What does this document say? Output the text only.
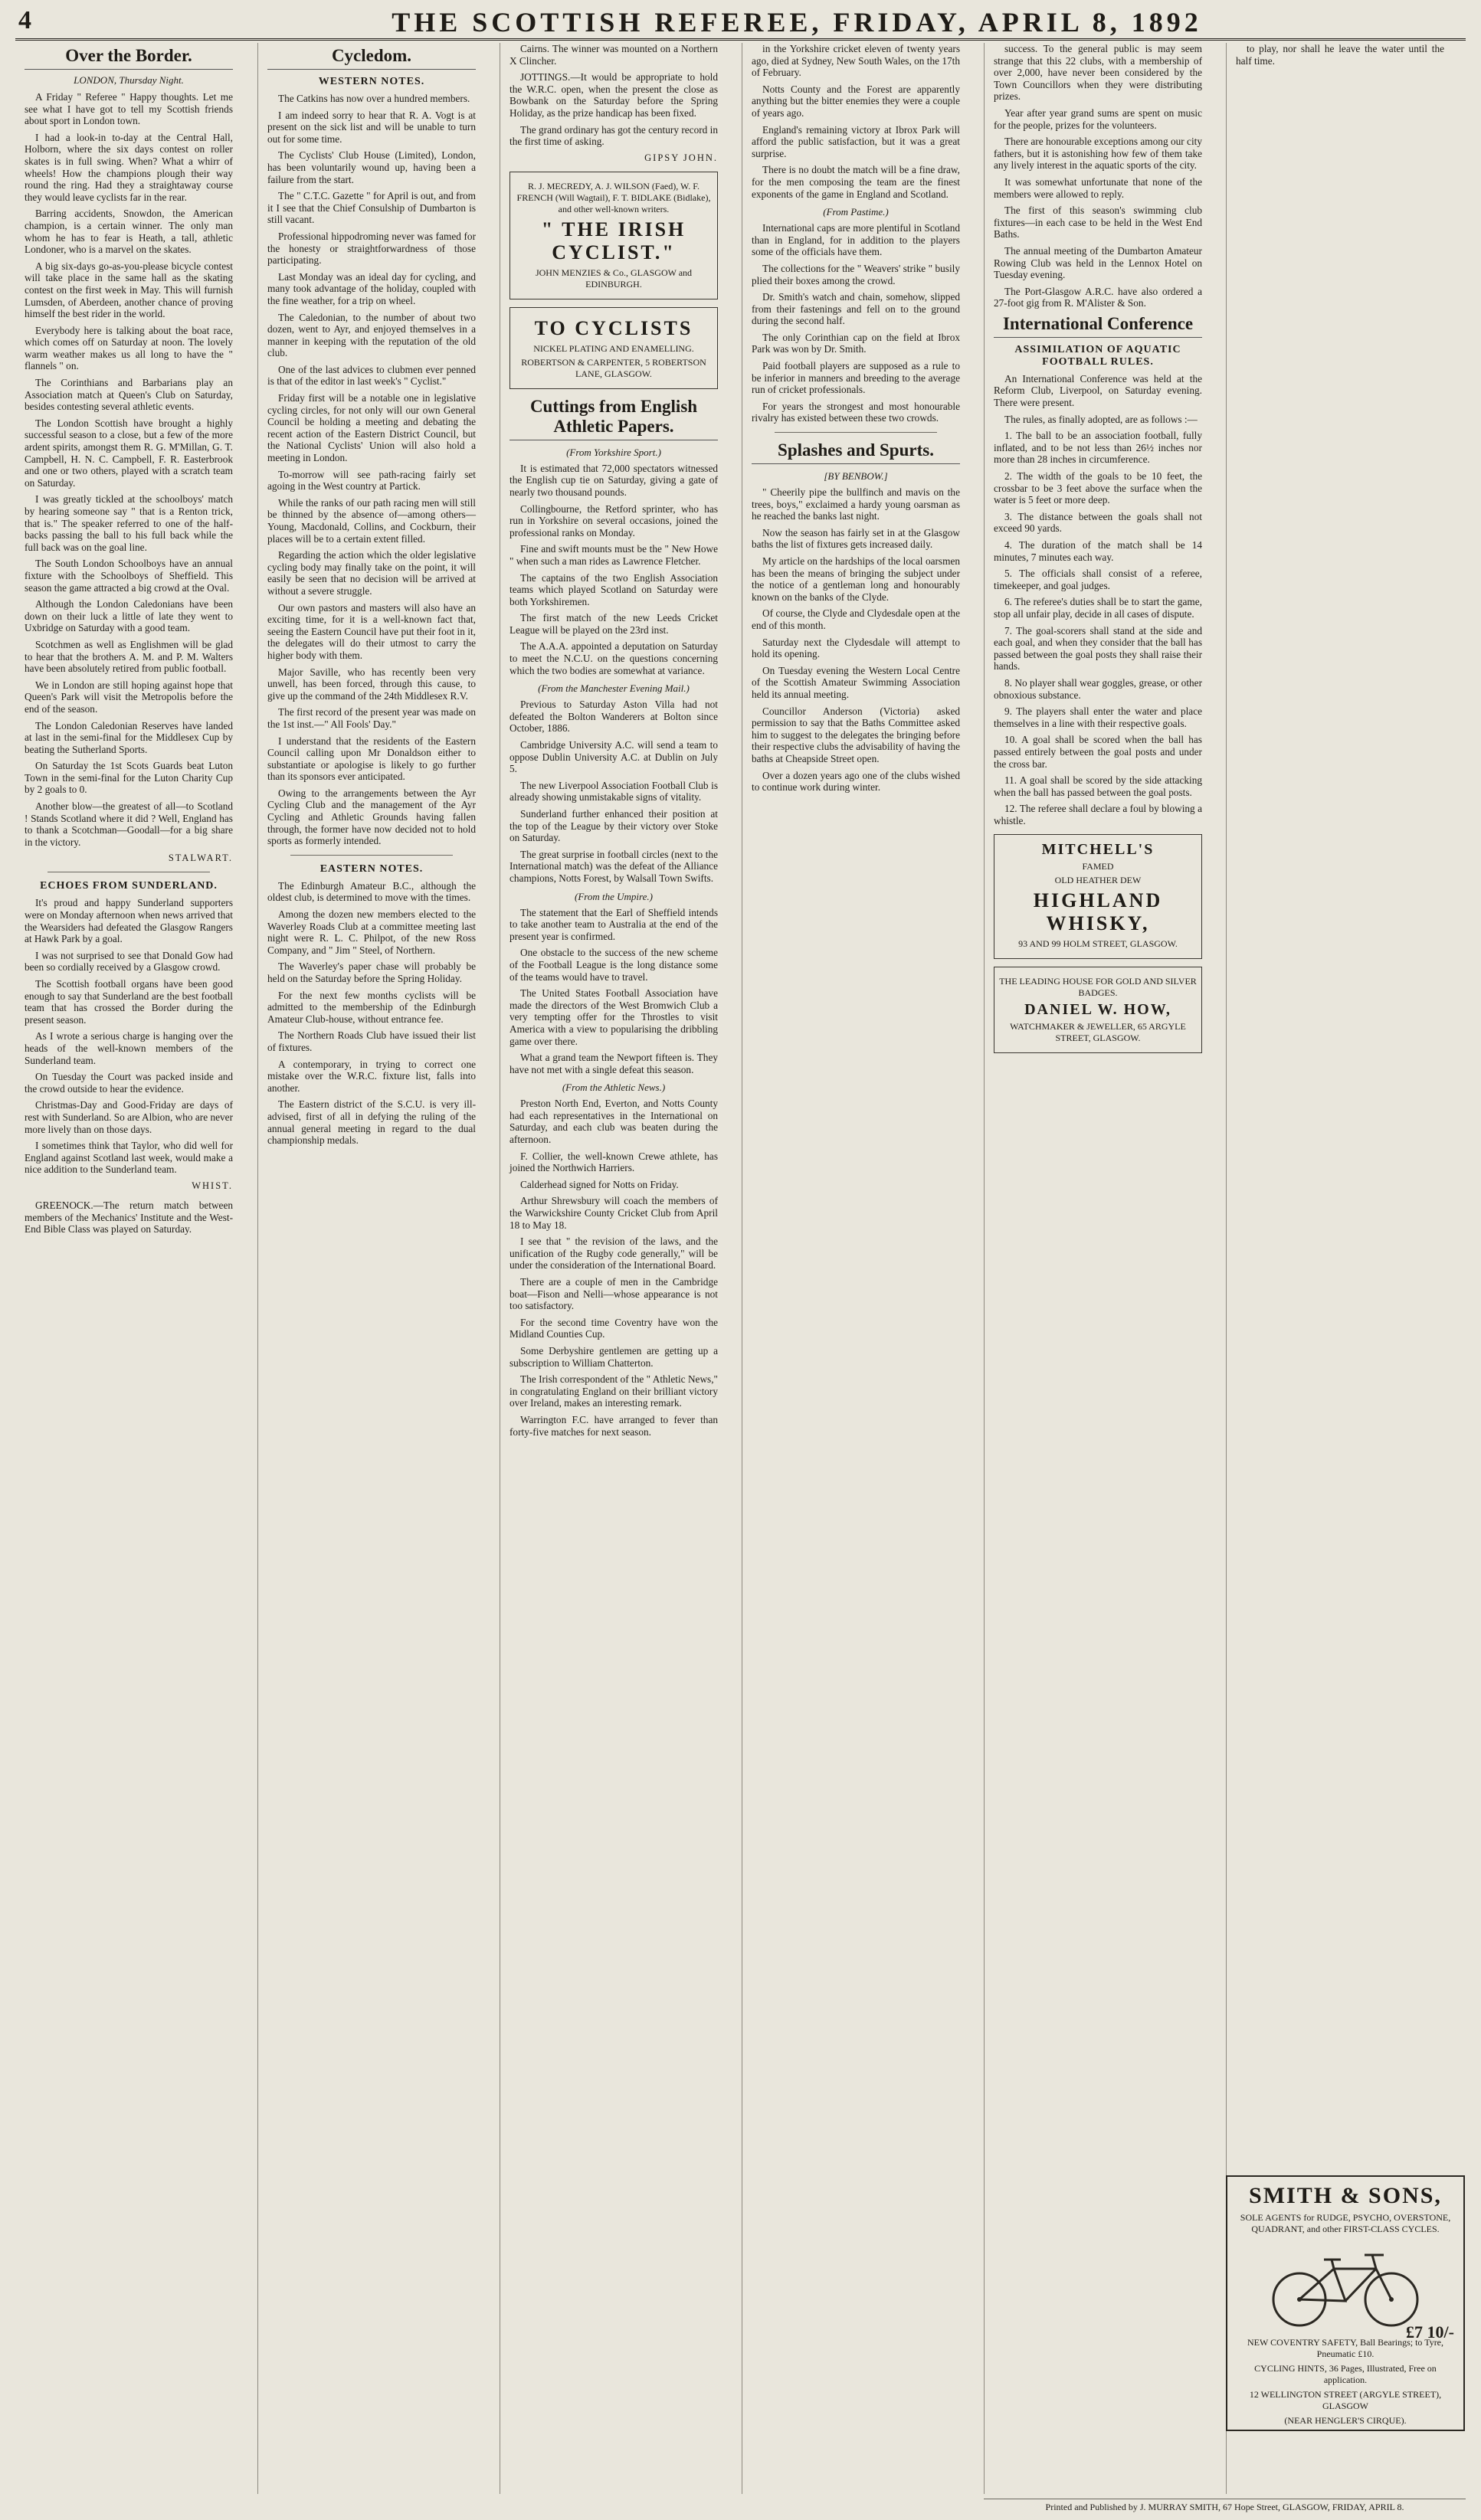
4	THE SCOTTISH REFEREE, FRIDAY, APRIL 8, 1892
Over the Border.
LONDON, Thursday Night.

A Friday " Referee " Happy thoughts. Let me see what I have got to tell my Scottish friends about sport in London town.

I had a look-in to-day at the Central Hall, Holborn, where the six days contest on roller skates is in full swing. When? What a whirr of wheels! How the champions plough their way round the ring. Had they a straightaway course they would leave cyclists far in the rear.

Barring accidents, Snowdon, the American champion, is a certain winner. The only man whom he has to fear is Heath, a tall, athletic Londoner, who is a marvel on the skates.

A big six-days go-as-you-please bicycle contest will take place in the same hall as the skating contest on the first week in May. This will furnish Lumsden, of Aberdeen, another chance of proving himself the best rider in the world.

Everybody here is talking about the boat race, which comes off on Saturday at noon. The lovely warm weather makes us all long to have the " flannels " on.

The Corinthians and Barbarians play an Association match at Queen's Club on Saturday, besides contesting several athletic events.

The London Scottish have brought a highly successful season to a close, but a few of the more ardent spirits, amongst them R. G. M'Millan, G. T. Campbell, H. N. C. Campbell, F. R. Easterbrook and one or two others, played with a scratch team on Saturday.

I was greatly tickled at the schoolboys' match by hearing someone say " that is a Renton trick, that is." The speaker referred to one of the half-backs passing the ball to his full back while the full back was on the goal line.

The South London Schoolboys have an annual fixture with the Schoolboys of Sheffield. This season the game attracted a big crowd at the Oval.

Although the London Caledonians have been down on their luck a little of late they went to Uxbridge on Saturday with a good team.

Scotchmen as well as Englishmen will be glad to hear that the brothers A. M. and P. M. Walters have been absolutely retired from public football.

We in London are still hoping against hope that Queen's Park will visit the Metropolis before the end of the season.

The London Caledonian Reserves have landed at last in the semi-final for the Middlesex Cup by beating the Sutherland Sports.

On Saturday the 1st Scots Guards beat Luton Town in the semi-final for the Luton Charity Cup by 2 goals to 0.

Another blow—the greatest of all—to Scotland ! Stands Scotland where it did ? Well, England has to thank a Scotchman—Goodall—for a big share in the victory.

STALWART.
ECHOES FROM SUNDERLAND.

It's proud and happy Sunderland supporters were on Monday afternoon when news arrived that the Wearsiders had defeated the Glasgow Rangers at Hawk Park by a goal.

I was not surprised to see that Donald Gow had been so cordially received by a Glasgow crowd.

The Scottish football organs have been good enough to say that Sunderland are the best football team that has crossed the Border during the present season.

As I wrote a serious charge is hanging over the heads of the well-known members of the Sunderland team.

On Tuesday the Court was packed inside and the crowd outside to hear the evidence.

Christmas-Day and Good-Friday are days of rest with Sunderland. So are Albion, who are never more lively than on those days.

I sometimes think that Taylor, who did well for England against Scotland last week, would make a nice addition to the Sunderland team.

WHIST.

GREENOCK.—The return match between members of the Mechanics' Institute and the West-End Bible Class was played on Saturday.

Cycledom.
WESTERN NOTES.

The Catkins has now over a hundred members.

I am indeed sorry to hear that R. A. Vogt is at present on the sick list and will be unable to turn out for some time.

The Cyclists' Club House (Limited), London, has been voluntarily wound up, having been a failure from the start.

The " C.T.C. Gazette " for April is out, and from it I see that the Chief Consulship of Dumbarton is still vacant.

Professional hippodroming never was famed for the honesty or straightforwardness of those participating.

Last Monday was an ideal day for cycling, and many took advantage of the holiday, coupled with the fine weather, for a trip on wheel.

The Caledonian, to the number of about two dozen, went to Ayr, and enjoyed themselves in a manner in keeping with the reputation of the old club.

One of the last advices to clubmen ever penned is that of the editor in last week's " Cyclist."

Friday first will be a notable one in legislative cycling circles, for not only will our own General Council be holding a meeting and debating the recent action of the Eastern District Council, but the National Cyclists' Union will also hold a meeting in London.

To-morrow will see path-racing fairly set agoing in the West country at Partick.

While the ranks of our path racing men will still be thinned by the absence of—among others—Young, Macdonald, Collins, and Cockburn, their places will be to a certain extent filled.

Regarding the action which the older legislative cycling body may finally take on the point, it will easily be seen that no decision will be arrived at without a severe struggle.

Our own pastors and masters will also have an exciting time, for it is a well-known fact that, seeing the Eastern Council have put their foot in it, the delegates will do their utmost to carry the higher body with them.

Major Saville, who has recently been very unwell, has been forced, through this cause, to give up the command of the 24th Middlesex R.V.

The first record of the present year was made on the 1st inst.—" All Fools' Day."

I understand that the residents of the Eastern Council calling upon Mr Donaldson either to substantiate or apologise is likely to go further than its sponsors ever anticipated.

Owing to the arrangements between the Ayr Cycling Club and the management of the Ayr Cycling and Athletic Grounds having fallen through, the former have now decided not to hold sports as formerly intended.

EASTERN NOTES.

The Edinburgh Amateur B.C., although the oldest club, is determined to move with the times.

Among the dozen new members elected to the Waverley Roads Club at a committee meeting last night were R. L. C. Philpot, of the new Ross Company, and " Jim " Steel, of Northern.

The Waverley's paper chase will probably be held on the Saturday before the Spring Holiday.

For the next few months cyclists will be admitted to the membership of the Edinburgh Amateur Club-house, without entrance fee.

The Northern Roads Club have issued their list of fixtures.

A contemporary, in trying to correct one mistake over the W.R.C. fixture list, falls into another.

The Eastern district of the S.C.U. is very ill-advised, first of all in defying the ruling of the annual general meeting in regard to the dual championship medals.

Cairns. The winner was mounted on a Northern X Clincher.

JOTTINGS.—It would be appropriate to hold the W.R.C. open, when the present the close as Bowbank on the Saturday before the Spring Holiday, as the prize handicap has been fixed.

The grand ordinary has got the century record in the first time of asking.

GIPSY JOHN.
R. J. MECREDY, A. J. WILSON (Faed), W. F. FRENCH (Will Wagtail), F. T. BIDLAKE (Bidlake), and other well-known writers.
" THE IRISH CYCLIST."
JOHN MENZIES & Co., GLASGOW and EDINBURGH.
TO CYCLISTS
NICKEL PLATING AND ENAMELLING.
ROBERTSON & CARPENTER, 5 ROBERTSON LANE, GLASGOW.
Cuttings from English Athletic Papers.
(From Yorkshire Sport.)

It is estimated that 72,000 spectators witnessed the English cup tie on Saturday, giving a gate of nearly two thousand pounds.

Collingbourne, the Retford sprinter, who has run in Yorkshire on several occasions, joined the professional ranks on Monday.

Fine and swift mounts must be the " New Howe " when such a man rides as Lawrence Fletcher.

The captains of the two English Association teams which played Scotland on Saturday were both Yorkshiremen.

The first match of the new Leeds Cricket League will be played on the 23rd inst.

The A.A.A. appointed a deputation on Saturday to meet the N.C.U. on the questions concerning which the two bodies are somewhat at variance.

(From the Manchester Evening Mail.)

Previous to Saturday Aston Villa had not defeated the Bolton Wanderers at Bolton since October, 1886.

Cambridge University A.C. will send a team to oppose Dublin University A.C. at Dublin on July 5.

The new Liverpool Association Football Club is already showing unmistakable signs of vitality.

Sunderland further enhanced their position at the top of the League by their victory over Stoke on Saturday.

The great surprise in football circles (next to the International match) was the defeat of the Alliance champions, Notts Forest, by Walsall Town Swifts.

(From the Umpire.)

The statement that the Earl of Sheffield intends to take another team to Australia at the end of the present year is confirmed.

One obstacle to the success of the new scheme of the Football League is the long distance some of the teams would have to travel.

The United States Football Association have made the directors of the West Bromwich Club a very tempting offer for the Throstles to visit America with a view to popularising the dribbling game over there.

What a grand team the Newport fifteen is. They have not met with a single defeat this season.

(From the Athletic News.)

Preston North End, Everton, and Notts County had each representatives in the International on Saturday, and each club was beaten during the afternoon.

F. Collier, the well-known Crewe athlete, has joined the Northwich Harriers.

Calderhead signed for Notts on Friday.

Arthur Shrewsbury will coach the members of the Warwickshire County Cricket Club from April 18 to May 18.

I see that " the revision of the laws, and the unification of the Rugby code generally," will be under the consideration of the International Board.

There are a couple of men in the Cambridge boat—Fison and Nelli—whose appearance is not too satisfactory.

For the second time Coventry have won the Midland Counties Cup.

Some Derbyshire gentlemen are getting up a subscription to William Chatterton.

The Irish correspondent of the " Athletic News," in congratulating England on their brilliant victory over Ireland, makes an interesting remark.

Warrington F.C. have arranged to fever than forty-five matches for next season.

in the Yorkshire cricket eleven of twenty years ago, died at Sydney, New South Wales, on the 17th of February.

Notts County and the Forest are apparently anything but the bitter enemies they were a couple of years ago.

England's remaining victory at Ibrox Park will afford the public satisfaction, but it was a great surprise.

There is no doubt the match will be a fine draw, for the men composing the team are the finest exponents of the game in England and Scotland.

(From Pastime.)

International caps are more plentiful in Scotland than in England, for in addition to the players some of the officials have them.

The collections for the " Weavers' strike " busily plied their boxes among the crowd.

Dr. Smith's watch and chain, somehow, slipped from their fastenings and fell on to the ground during the second half.

The only Corinthian cap on the field at Ibrox Park was won by Dr. Smith.

Paid football players are supposed as a rule to be inferior in manners and breeding to the average run of cricket professionals.

For years the strongest and most honourable rivalry has existed between these two crowds.

Splashes and Spurts.
[BY BENBOW.]

" Cheerily pipe the bullfinch and mavis on the trees, boys," exclaimed a hardy young oarsman as he reached the banks last night.

Now the season has fairly set in at the Glasgow baths the list of fixtures gets increased daily.

My article on the hardships of the local oarsmen has been the means of bringing the subject under the notice of a gentleman long and honourably known on the banks of the Clyde.

Of course, the Clyde and Clydesdale open at the end of this month.

Saturday next the Clydesdale will attempt to hold its opening.

On Tuesday evening the Western Local Centre of the Scottish Amateur Swimming Association held its annual meeting.

Councillor Anderson (Victoria) asked permission to say that the Baths Committee asked him to suggest to the delegates the bringing before their respective clubs the advisability of having the baths at Cheapside Street open.

Over a dozen years ago one of the clubs wished to continue work during winter.

success. To the general public is may seem strange that this 22 clubs, with a membership of over 2,000, have never been considered by the Town Councillors when they were distributing prizes.

Year after year grand sums are spent on music for the people, prizes for the volunteers.

There are honourable exceptions among our city fathers, but it is astonishing how few of them take any lively interest in the aquatic sports of the city.

It was somewhat unfortunate that none of the members were allowed to reply.

The first of this season's swimming club fixtures—in each case to be held in the West End Baths.

The annual meeting of the Dumbarton Amateur Rowing Club was held in the Lennox Hotel on Tuesday evening.

The Port-Glasgow A.R.C. have also ordered a 27-foot gig from R. M'Alister & Son.

International Conference
ASSIMILATION OF AQUATIC FOOTBALL RULES.

An International Conference was held at the Reform Club, Liverpool, on Saturday evening. There were present.

The rules, as finally adopted, are as follows :—

1. The ball to be an association football, fully inflated, and to be not less than 26½ inches nor more than 28 inches in circumference.

2. The width of the goals to be 10 feet, the crossbar to be 3 feet above the surface when the water is 5 feet or more deep.

3. The distance between the goals shall not exceed 90 yards.

4. The duration of the match shall be 14 minutes, 7 minutes each way.

5. The officials shall consist of a referee, timekeeper, and goal judges.

6. The referee's duties shall be to start the game, stop all unfair play, decide in all cases of dispute.

7. The goal-scorers shall stand at the side and each goal, and when they consider that the ball has passed between the goal posts they shall raise their hands.

8. No player shall wear goggles, grease, or other obnoxious substance.

9. The players shall enter the water and place themselves in a line with their respective goals.

10. A goal shall be scored when the ball has passed entirely between the goal posts and under the cross bar.

11. A goal shall be scored by the side attacking when the ball has passed between the goal posts.

12. The referee shall declare a foul by blowing a whistle.

MITCHELL'S
FAMED
OLD HEATHER DEW
HIGHLAND WHISKY,
93 AND 99 HOLM STREET, GLASGOW.
THE LEADING HOUSE FOR GOLD AND SILVER BADGES.
DANIEL W. HOW,
WATCHMAKER & JEWELLER, 65 ARGYLE STREET, GLASGOW.

to play, nor shall he leave the water until the half time.

SMITH & SONS,
SOLE AGENTS for RUDGE, PSYCHO, OVERSTONE, QUADRANT, and other FIRST-CLASS CYCLES.
NEW COVENTRY SAFETY, Ball Bearings; to Tyre, Pneumatic £10.
£7 10/-
CYCLING HINTS, 36 Pages, Illustrated, Free on application.
12 WELLINGTON STREET (ARGYLE STREET), GLASGOW
(NEAR HENGLER'S CIRQUE).
Printed and Published by J. MURRAY SMITH, 67 Hope Street, GLASGOW, FRIDAY, APRIL 8.
